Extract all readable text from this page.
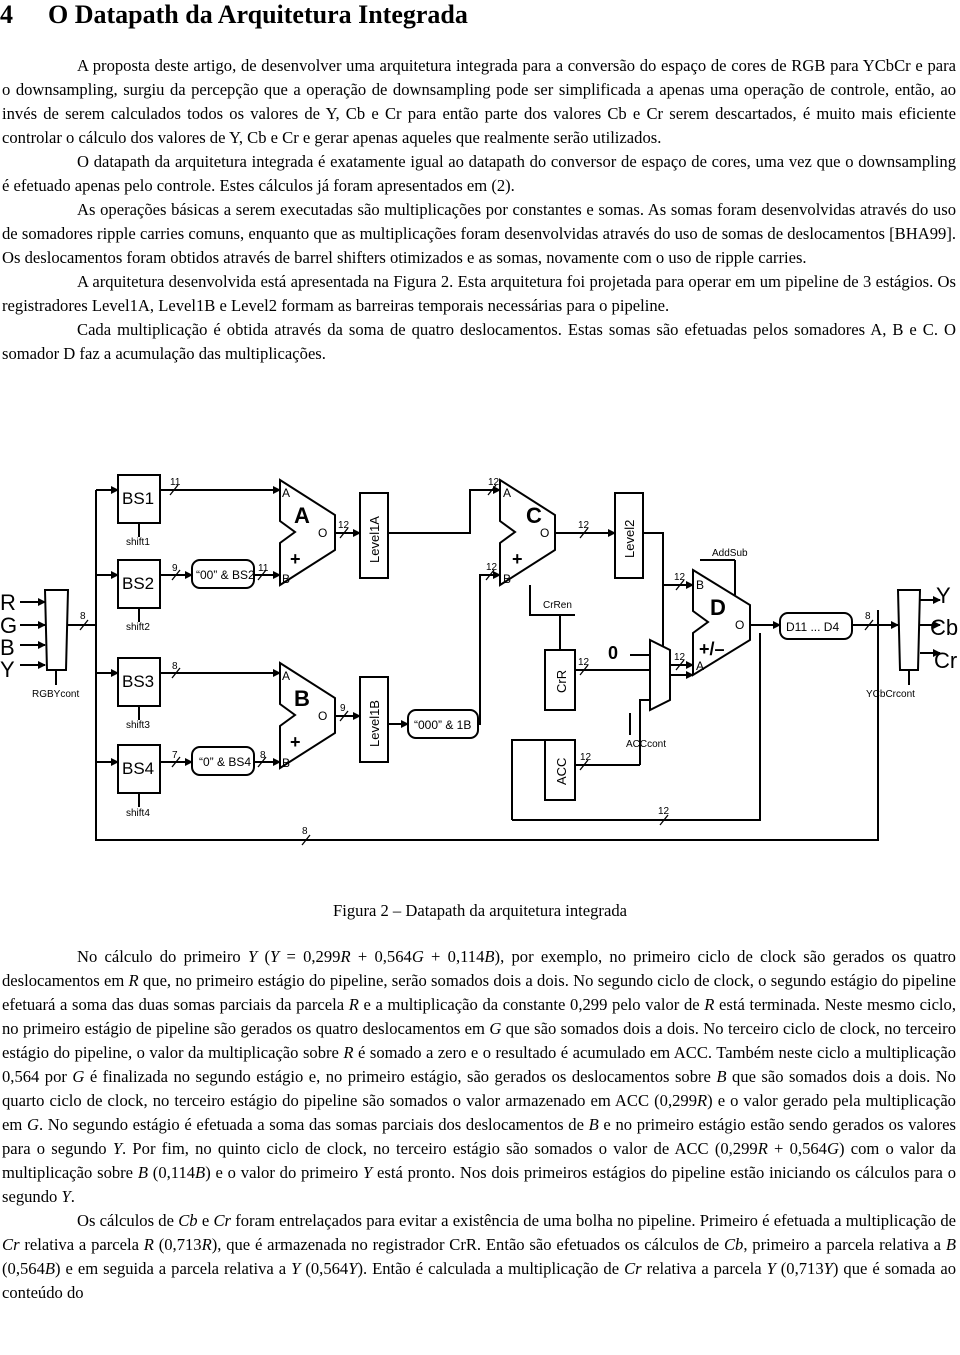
4 O Datapath da Arquitetura Integrada

A proposta deste artigo, de desenvolver uma arquitetura integrada para a conversão do espaço de cores de RGB para YCbCr e para o downsampling, surgiu da percepção que a operação de downsampling pode ser simplificada a apenas uma operação de controle, então, ao invés de serem calculados todos os valores de Y, Cb e Cr para então parte dos valores Cb e Cr serem descartados, é muito mais eficiente controlar o cálculo dos valores de Y, Cb e Cr e gerar apenas aqueles que realmente serão utilizados.

O datapath da arquitetura integrada é exatamente igual ao datapath do conversor de espaço de cores, uma vez que o downsampling é efetuado apenas pelo controle. Estes cálculos já foram apresentados em (2).

As operações básicas a serem executadas são multiplicações por constantes e somas. As somas foram desenvolvidas através do uso de somadores ripple carries comuns, enquanto que as multiplicações foram desenvolvidas através do uso de somas de deslocamentos [BHA99]. Os deslocamentos foram obtidos através de barrel shifters otimizados e as somas, novamente com o uso de ripple carries.

A arquitetura desenvolvida está apresentada na Figura 2. Esta arquitetura foi projetada para operar em um pipeline de 3 estágios. Os registradores Level1A, Level1B e Level2 formam as barreiras temporais necessárias para o pipeline.

Cada multiplicação é obtida através da soma de quatro deslocamentos. Estas somas são efetuadas pelos somadores A, B e C. O somador D faz a acumulação das multiplicações.

R
G
B
Y
Y
Cb
Cr
BS1
BS2
BS3
BS4
shift1
shift2
shift3
shift4
RGBYcont	YCbCrcont
AddSub
CrRen
ACCcont
“00” & BS2
“0” & BS4
“000” & 1B
D11 ... D4
Level1A
Level1B
Level2
CrR
ACC
A
B
C
D
A
B
O
A
B
O
A
B
O
B
A
O
+
+
+
+/–
0
11
9	11
8
7	8
12
9
12
12
12
12
12
12
8
12
8
12
8
Figura 2 – Datapath da arquitetura integrada

No cálculo do primeiro Y (Y = 0,299R + 0,564G + 0,114B), por exemplo, no primeiro ciclo de clock são gerados os quatro deslocamentos em R que, no primeiro estágio do pipeline, serão somados dois a dois. No segundo ciclo de clock, o segundo estágio do pipeline efetuará a soma das duas somas parciais da parcela R e a multiplicação da constante 0,299 pelo valor de R está terminada. Neste mesmo ciclo, no primeiro estágio de pipeline são gerados os quatro deslocamentos em G que são somados dois a dois. No terceiro ciclo de clock, no terceiro estágio do pipeline, o valor da multiplicação sobre R é somado a zero e o resultado é acumulado em ACC. Também neste ciclo a multiplicação 0,564 por G é finalizada no segundo estágio e, no primeiro estágio, são gerados os deslocamentos sobre B que são somados dois a dois. No quarto ciclo de clock, no terceiro estágio do pipeline são somados o valor armazenado em ACC (0,299R) e o valor gerado pela multiplicação em G. No segundo estágio é efetuada a soma das somas parciais dos deslocamentos de B e no primeiro estágio estão sendo gerados os valores para o segundo Y. Por fim, no quinto ciclo de clock, no terceiro estágio são somados o valor de ACC (0,299R + 0,564G) com o valor da multiplicação sobre B (0,114B) e o valor do primeiro Y está pronto. Nos dois primeiros estágios do pipeline estão iniciando os cálculos para o segundo Y.

Os cálculos de Cb e Cr foram entrelaçados para evitar a existência de uma bolha no pipeline. Primeiro é efetuada a multiplicação de Cr relativa a parcela R (0,713R), que é armazenada no registrador CrR. Então são efetuados os cálculos de Cb, primeiro a parcela relativa a B (0,564B) e em seguida a parcela relativa a Y (0,564Y). Então é calculada a multiplicação de Cr relativa a parcela Y (0,713Y) que é somada ao conteúdo do
